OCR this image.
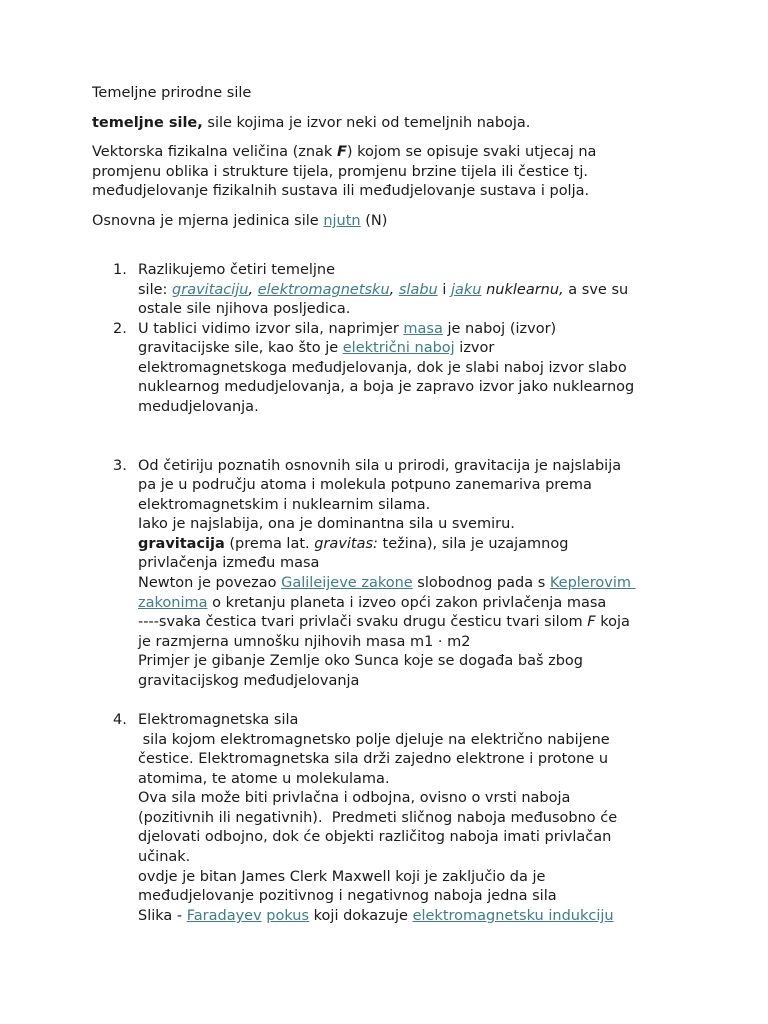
Temeljne prirodne sile

temeljne sile, sile kojima je izvor neki od temeljnih naboja.

Vektorska fizikalna veličina (znak F) kojom se opisuje svaki utjecaj na

promjenu oblika i strukture tijela, promjenu brzine tijela ili čestice tj.

međudjelovanje fizikalnih sustava ili međudjelovanje sustava i polja.

Osnovna je mjerna jedinica sile njutn (N)

1. Razlikujemo četiri temeljne

sile: gravitaciju, elektromagnetsku, slabu i jaku nuklearnu, a sve su

ostale sile njihova posljedica.

2. U tablici vidimo izvor sila, naprimjer masa je naboj (izvor)

gravitacijske sile, kao što je električni naboj izvor

elektromagnetskoga međudjelovanja, dok je slabi naboj izvor slabo

nuklearnog medudjelovanja, a boja je zapravo izvor jako nuklearnog

medudjelovanja.

3. Od četiriju poznatih osnovnih sila u prirodi, gravitacija je najslabija

pa je u području atoma i molekula potpuno zanemariva prema

elektromagnetskim i nuklearnim silama.

Iako je najslabija, ona je dominantna sila u svemiru.

gravitacija (prema lat. gravitas: težina), sila je uzajamnog

privlačenja između masa

Newton je povezao Galileijeve zakone slobodnog pada s Keplerovim

zakonima o kretanju planeta i izveo opći zakon privlačenja masa

----svaka čestica tvari privlači svaku drugu česticu tvari silom F koja

je razmjerna umnošku njihovih masa m1 · m2

Primjer je gibanje Zemlje oko Sunca koje se događa baš zbog

gravitacijskog međudjelovanja

4. Elektromagnetska sila

sila kojom elektromagnetsko polje djeluje na električno nabijene

čestice. Elektromagnetska sila drži zajedno elektrone i protone u

atomima, te atome u molekulama.

Ova sila može biti privlačna i odbojna, ovisno o vrsti naboja

(pozitivnih ili negativnih).  Predmeti sličnog naboja međusobno će

djelovati odbojno, dok će objekti različitog naboja imati privlačan

učinak.

ovdje je bitan James Clerk Maxwell koji je zaključio da je

međudjelovanje pozitivnog i negativnog naboja jedna sila

Slika - Faradayev pokus koji dokazuje elektromagnetsku indukciju
